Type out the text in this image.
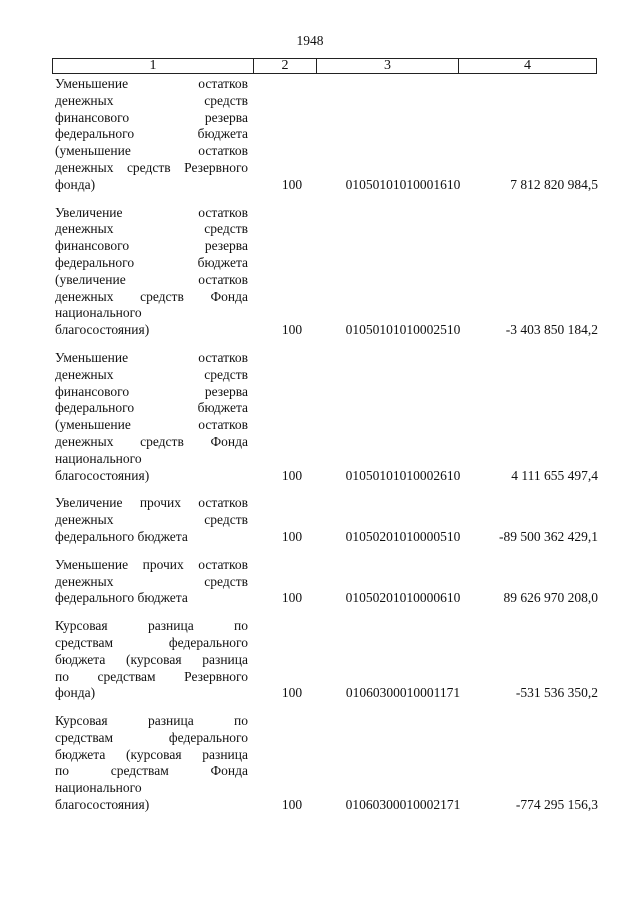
1948
1	2	3	4
Уменьшение остатков
денежных средств
финансового резерва
федерального бюджета
(уменьшение остатков
денежных средств Резервного
фонда)	100	01050101010001610	7 812 820 984,5
Увеличение остатков
денежных средств
финансового резерва
федерального бюджета
(увеличение остатков
денежных средств Фонда
национального
благосостояния)	100	01050101010002510	-3 403 850 184,2
Уменьшение остатков
денежных средств
финансового резерва
федерального бюджета
(уменьшение остатков
денежных средств Фонда
национального
благосостояния)	100	01050101010002610	4 111 655 497,4
Увеличение прочих остатков
денежных средств
федерального бюджета	100	01050201010000510	-89 500 362 429,1
Уменьшение прочих остатков
денежных средств
федерального бюджета	100	01050201010000610	89 626 970 208,0
Курсовая разница по
средствам федерального
бюджета (курсовая разница
по средствам Резервного
фонда)	100	01060300010001171	-531 536 350,2
Курсовая разница по
средствам федерального
бюджета (курсовая разница
по средствам Фонда
национального
благосостояния)	100	01060300010002171	-774 295 156,3
